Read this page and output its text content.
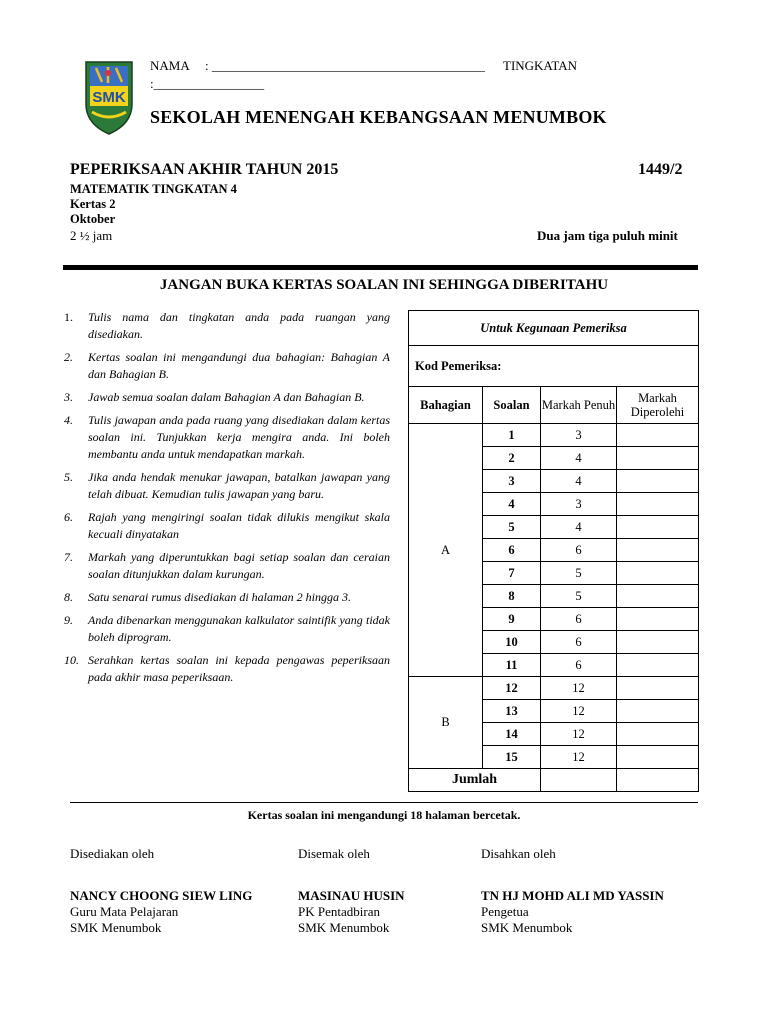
SMK
NAMA : __________________________________________ TINGKATAN
:_________________
SEKOLAH MENENGAH KEBANGSAAN MENUMBOK
PEPERIKSAAN AKHIR TAHUN 2015	1449/2
MATEMATIK TINGKATAN 4
Kertas 2
Oktober
2 ½ jam	Dua jam tiga puluh minit
JANGAN BUKA KERTAS SOALAN INI SEHINGGA DIBERITAHU
1.	Tulis nama dan tingkatan anda pada ruangan yang disediakan.
2.	Kertas soalan ini mengandungi dua bahagian: Bahagian A dan Bahagian B.
3.	Jawab semua soalan dalam Bahagian A dan Bahagian B.
4.	Tulis jawapan anda pada ruang yang disediakan dalam kertas soalan ini. Tunjukkan kerja mengira anda. Ini boleh membantu anda untuk mendapatkan markah.
5.	Jika anda hendak menukar jawapan, batalkan jawapan yang telah dibuat. Kemudian tulis jawapan yang baru.
6.	Rajah yang mengiringi soalan tidak dilukis mengikut skala kecuali dinyatakan
7.	Markah yang diperuntukkan bagi setiap soalan dan ceraian soalan ditunjukkan dalam kurungan.
8.	Satu senarai rumus disediakan di halaman 2 hingga 3.
9.	Anda dibenarkan menggunakan kalkulator saintifik yang tidak boleh diprogram.
10. Serahkan kertas soalan ini kepada pengawas peperiksaan pada akhir masa peperiksaan.
Untuk Kegunaan Pemeriksa			
Kod Pemeriksa:			
Bahagian	Soalan	Markah Penuh	Markah Diperolehi
A	1	3	
	2	4	
	3	4	
	4	3	
	5	4	
	6	6	
	7	5	
	8	5	
	9	6	
	10	6	
	11	6	
B	12	12	
	13	12	
	14	12	
	15	12	
Jumlah			
Kertas soalan ini mengandungi 18 halaman bercetak.
Disediakan oleh
NANCY CHOONG SIEW LING
Guru Mata Pelajaran
SMK Menumbok
Disemak oleh
MASINAU HUSIN
PK Pentadbiran
SMK Menumbok
Disahkan oleh
TN HJ MOHD ALI MD YASSIN
Pengetua
SMK Menumbok
